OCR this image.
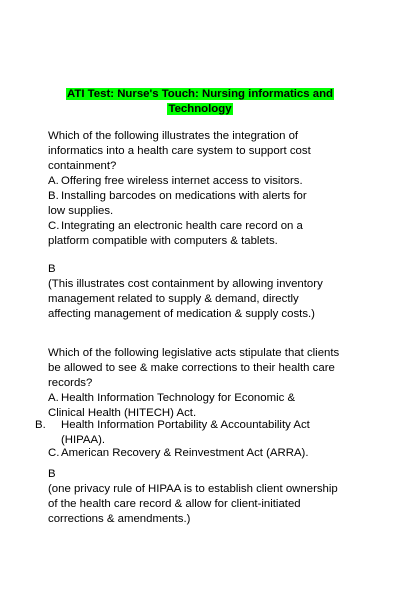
ATI Test: Nurse's Touch: Nursing informatics and Technology
Which of the following illustrates the integration of
informatics into a health care system to support cost
containment?
A. Offering free wireless internet access to visitors.
B. Installing barcodes on medications with alerts for
low supplies.
C. Integrating an electronic health care record on a
platform compatible with computers & tablets.
B
(This illustrates cost containment by allowing inventory
management related to supply & demand, directly
affecting management of medication & supply costs.)
Which of the following legislative acts stipulate that clients
be allowed to see & make corrections to their health care
records?
A. Health Information Technology for Economic &
Clinical Health (HITECH) Act.
B. Health Information Portability & Accountability Act
(HIPAA).
C. American Recovery & Reinvestment Act (ARRA).
B
(one privacy rule of HIPAA is to establish client ownership
of the health care record & allow for client-initiated
corrections & amendments.)
